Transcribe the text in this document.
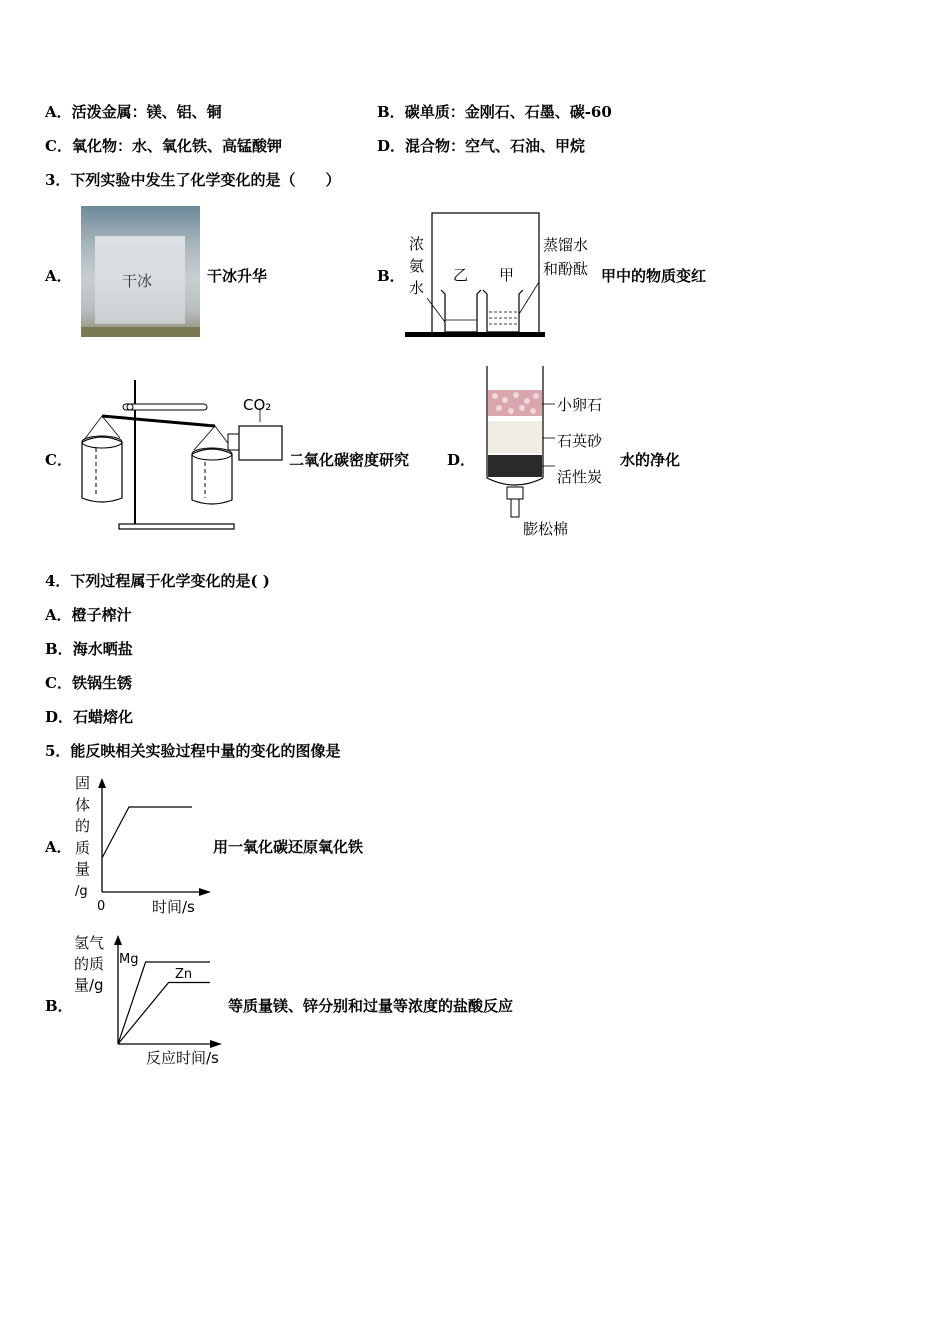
A．活泼金属：镁、铝、铜	B．碳单质：金刚石、石墨、碳-60
C．氧化物：水、氧化铁、高锰酸钾	D．混合物：空气、石油、甲烷
3．下列实验中发生了化学变化的是（　　）
A．	干冰	干冰升华	B．
浓
氨
水
乙 甲
蒸馏水
和酚酞 甲中的物质变红
C．
CO₂
二氧化碳密度研究	D．
小卵石
石英砂
活性炭
膨松棉
水的净化
4．下列过程属于化学变化的是( )
A．橙子榨汁
B．海水晒盐
C．铁锅生锈
D．石蜡熔化
5．能反映相关实验过程中量的变化的图像是
A．
固
体
的
质
量
/g
0	时间/s
用一氧化碳还原氧化铁
B．
氢气
的质
量/g
Mg
Zn
反应时间/s
等质量镁、锌分别和过量等浓度的盐酸反应
